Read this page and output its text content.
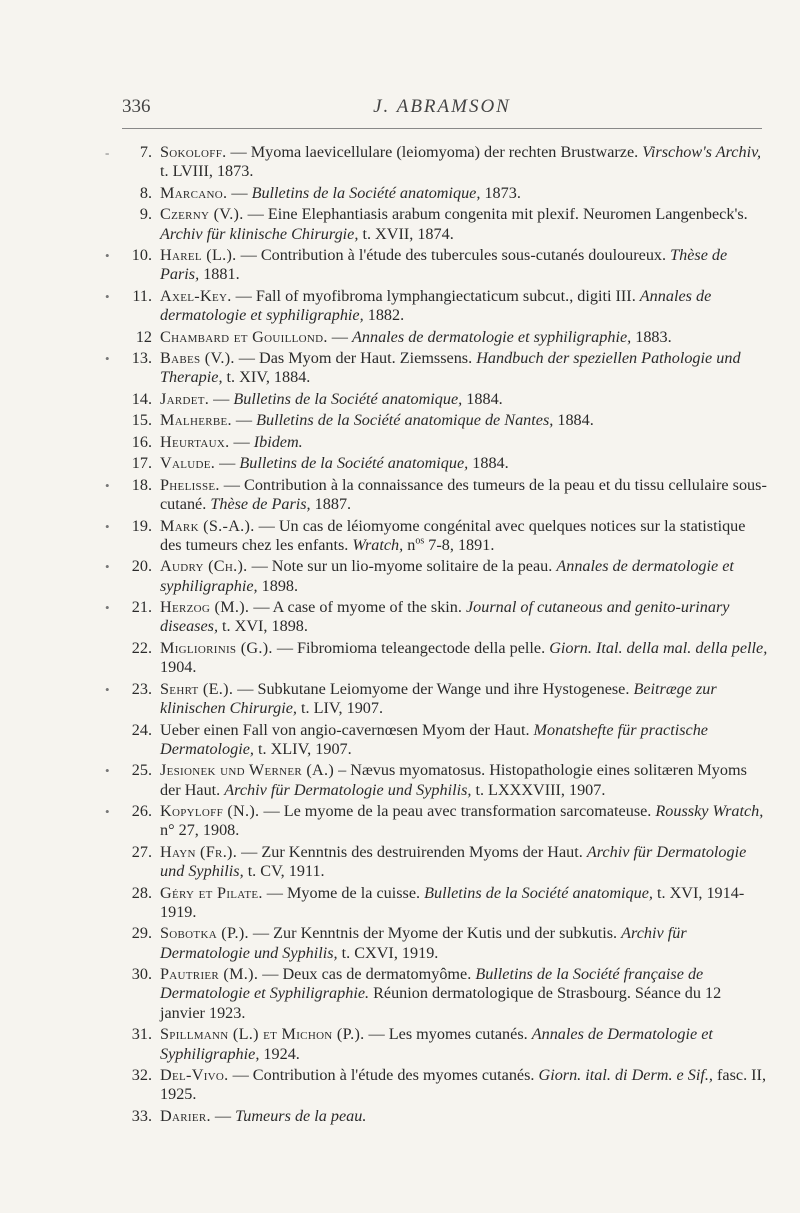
336	J. ABRAMSON
-	7. Sokoloff. — Myoma laevicellulare (leiomyoma) der rechten Brustwarze. Virschow's Archiv, t. LVIII, 1873.
8. Marcano. — Bulletins de la Société anatomique, 1873.
9. Czerny (V.). — Eine Elephantiasis arabum congenita mit plexif. Neuromen Langenbeck's. Archiv für klinische Chirurgie, t. XVII, 1874.
•	10. Harel (L.). — Contribution à l'étude des tubercules sous-cutanés douloureux. Thèse de Paris, 1881.
•	11. Axel-Key. — Fall of myofibroma lymphangiectaticum subcut., digiti III. Annales de dermatologie et syphiligraphie, 1882.
12 Chambard et Gouillond. — Annales de dermatologie et syphiligraphie, 1883.
•	13. Babes (V.). — Das Myom der Haut. Ziemssens. Handbuch der speziellen Pathologie und Therapie, t. XIV, 1884.
14. Jardet. — Bulletins de la Société anatomique, 1884.
15. Malherbe. — Bulletins de la Société anatomique de Nantes, 1884.
16. Heurtaux. — Ibidem.
17. Valude. — Bulletins de la Société anatomique, 1884.
•	18. Phelisse. — Contribution à la connaissance des tumeurs de la peau et du tissu cellulaire sous-cutané. Thèse de Paris, 1887.
•	19. Mark (S.-A.). — Un cas de léiomyome congénital avec quelques notices sur la statistique des tumeurs chez les enfants. Wratch, $n^{os}$ 7-8, 1891.
•	20. Audry (Ch.). — Note sur un lio-myome solitaire de la peau. Annales de dermatologie et syphiligraphie, 1898.
•	21. Herzog (M.). — A case of myome of the skin. Journal of cutaneous and genito-urinary diseases, t. XVI, 1898.
22. Migliorinis (G.). — Fibromioma teleangectode della pelle. Giorn. Ital. della mal. della pelle, 1904.
•	23. Sehrt (E.). — Subkutane Leiomyome der Wange und ihre Hystogenese. Beitræge zur klinischen Chirurgie, t. LIV, 1907.
24. Ueber einen Fall von angio-cavernœsen Myom der Haut. Monatshefte für practische Dermatologie, t. XLIV, 1907.
•	25. Jesionek und Werner (A.) – Nævus myomatosus. Histopathologie eines solitæren Myoms der Haut. Archiv für Dermatologie und Syphilis, t. LXXXVIII, 1907.
•	26. Kopyloff (N.). — Le myome de la peau avec transformation sarcomateuse. Roussky Wratch, n° 27, 1908.
27. Hayn (Fr.). — Zur Kenntnis des destruirenden Myoms der Haut. Archiv für Dermatologie und Syphilis, t. CV, 1911.
28. Géry et Pilate. — Myome de la cuisse. Bulletins de la Société anatomique, t. XVI, 1914-1919.
29. Sobotka (P.). — Zur Kenntnis der Myome der Kutis und der subkutis. Archiv für Dermatologie und Syphilis, t. CXVI, 1919.
30. Pautrier (M.). — Deux cas de dermatomyôme. Bulletins de la Société française de Dermatologie et Syphiligraphie. Réunion dermatologique de Strasbourg. Séance du 12 janvier 1923.
31. Spillmann (L.) et Michon (P.). — Les myomes cutanés. Annales de Dermatologie et Syphiligraphie, 1924.
32. Del-Vivo. — Contribution à l'étude des myomes cutanés. Giorn. ital. di Derm. e Sif., fasc. II, 1925.
33. Darier. — Tumeurs de la peau.
